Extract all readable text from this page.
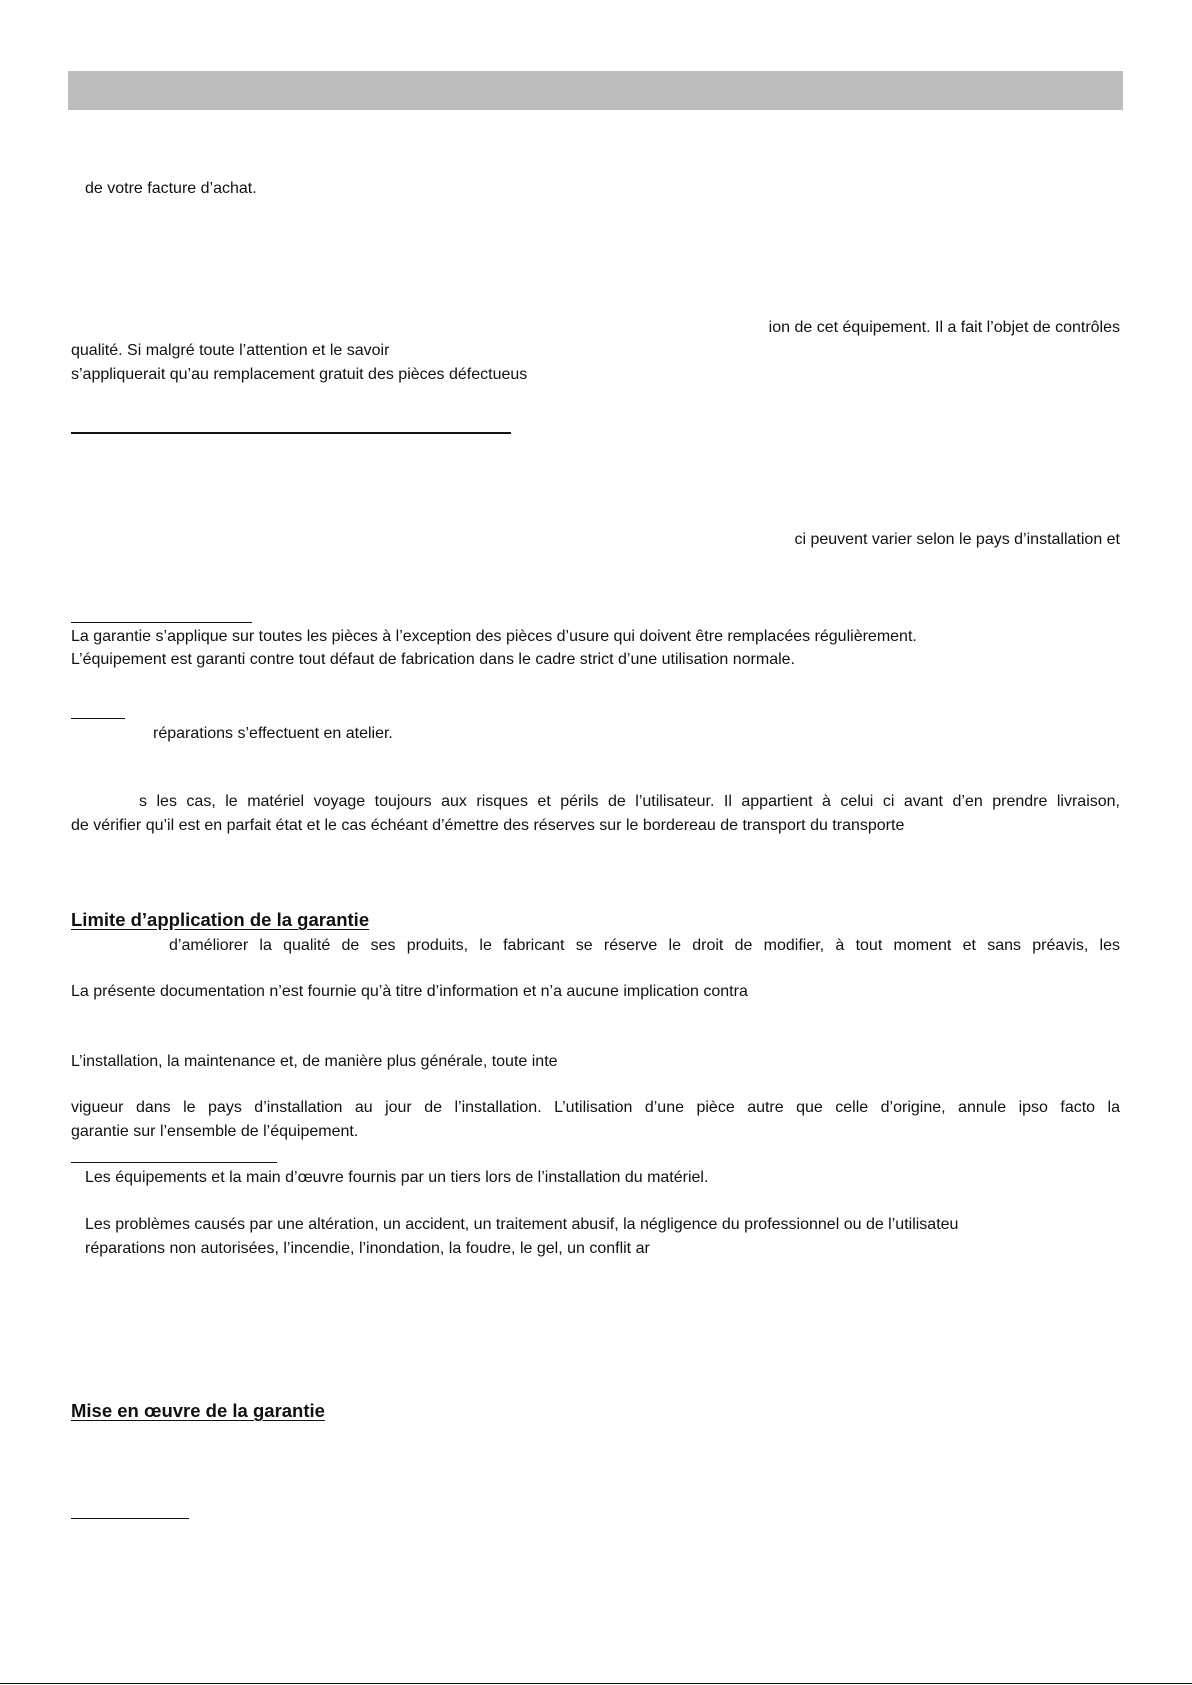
de votre facture d’achat.
ion de cet équipement. Il a fait l’objet de contrôles
qualité. Si malgré toute l’attention et le savoir
s’appliquerait qu’au remplacement gratuit des pièces défectueus
ci peuvent varier selon le pays d’installation et
La garantie s’applique sur toutes les pièces à l’exception des pièces d’usure qui doivent être remplacées régulièrement.
L’équipement est garanti contre tout défaut de fabrication dans le cadre strict d’une utilisation normale.
réparations s’effectuent en atelier.
s les cas, le matériel voyage toujours aux risques et périls de l’utilisateur. Il appartient à celui ci avant d’en prendre livraison,
de vérifier qu’il est en parfait état et le cas échéant d’émettre des réserves sur le bordereau de transport du transporte
Limite d’application de la garantie
d’améliorer la qualité de ses produits, le fabricant se réserve le droit de modifier, à tout moment et sans préavis, les
La présente documentation n’est fournie qu’à titre d’information et n’a aucune implication contra
L’installation, la maintenance et, de manière plus générale, toute inte
vigueur dans le pays d’installation au jour de l’installation. L’utilisation d’une pièce autre que celle d’origine, annule ipso facto la
garantie sur l’ensemble de l’équipement.
Les équipements et la main d’œuvre fournis par un tiers lors de l’installation du matériel.
Les problèmes causés par une altération, un accident, un traitement abusif, la négligence du professionnel ou de l’utilisateu
réparations non autorisées, l’incendie, l’inondation, la foudre, le gel, un conflit ar
Mise en œuvre de la garantie
